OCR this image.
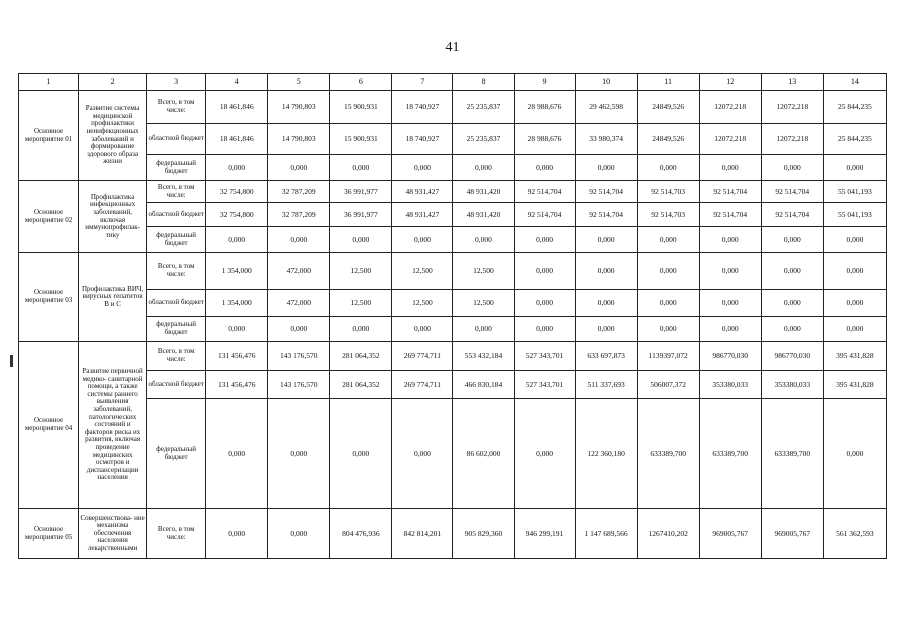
41
1	2	3	4	5	6	7	8	9	10	11	12	13	14
Основное мероприятие 01	Развитие системы медицинской профилактики неинфекционных заболеваний и формирование здорового образа жизни	Всего, в том числе:	18 461,846	14 790,803	15 900,931	18 740,927	25 235,837	28 988,676	29 462,598	24849,526	12072,218	12072,218	25 844,235
		областной бюджет	18 461,846	14 790,803	15 900,931	18 740,927	25 235,837	28 988,676	33 980,374	24849,526	12072,218	12072,218	25 844,235
		федеральный бюджет	0,000	0,000	0,000	0,000	0,000	0,000	0,000	0,000	0,000	0,000	0,000
Основное мероприятие 02	Профилактика инфекционных заболеваний, включая иммунопрофилак- тику	Всего, в том числе:	32 754,800	32 787,209	36 991,977	48 931,427	48 931,420	92 514,704	92 514,704	92 514,703	92 514,704	92 514,704	55 041,193
		областной бюджет	32 754,800	32 787,209	36 991,977	48 931,427	48 931,420	92 514,704	92 514,704	92 514,703	92 514,704	92 514,704	55 041,193
		федеральный бюджет	0,000	0,000	0,000	0,000	0,000	0,000	0,000	0,000	0,000	0,000	0,000
Основное мероприятие 03	Профилактика ВИЧ, вирусных гепатитов В и С	Всего, в том числе:	1 354,000	472,000	12,500	12,500	12,500	0,000	0,000	0,000	0,000	0,000	0,000
		областной бюджет	1 354,000	472,000	12,500	12,500	12,500	0,000	0,000	0,000	0,000	0,000	0,000
		федеральный бюджет	0,000	0,000	0,000	0,000	0,000	0,000	0,000	0,000	0,000	0,000	0,000
Основное мероприятие 04	Развитие первичной медико- санитарной помощи, а также системы раннего выявления заболеваний, патологических состояний и факторов риска их развития, включая проведение медицинских осмотров и диспансеризации населения	Всего, в том числе:	131 456,476	143 176,570	281 064,352	269 774,711	553 432,184	527 343,701	633 697,873	1139397,072	986770,030	986770,030	395 431,828
		областной бюджет	131 456,476	143 176,570	281 064,352	269 774,711	466 830,184	527 343,701	511 337,693	506007,372	353380,033	353380,033	395 431,828
		федеральный бюджет	0,000	0,000	0,000	0,000	86 602,000	0,000	122 360,180	633389,700	633389,700	633389,700	0,000
Основное мероприятие 05	Совершенствова- ние механизма обеспечения населения лекарственными	Всего, в том числе:	0,000	0,000	804 476,936	842 814,201	905 829,360	946 299,191	1 147 689,566	1267410,202	969005,767	969005,767	561 362,593
